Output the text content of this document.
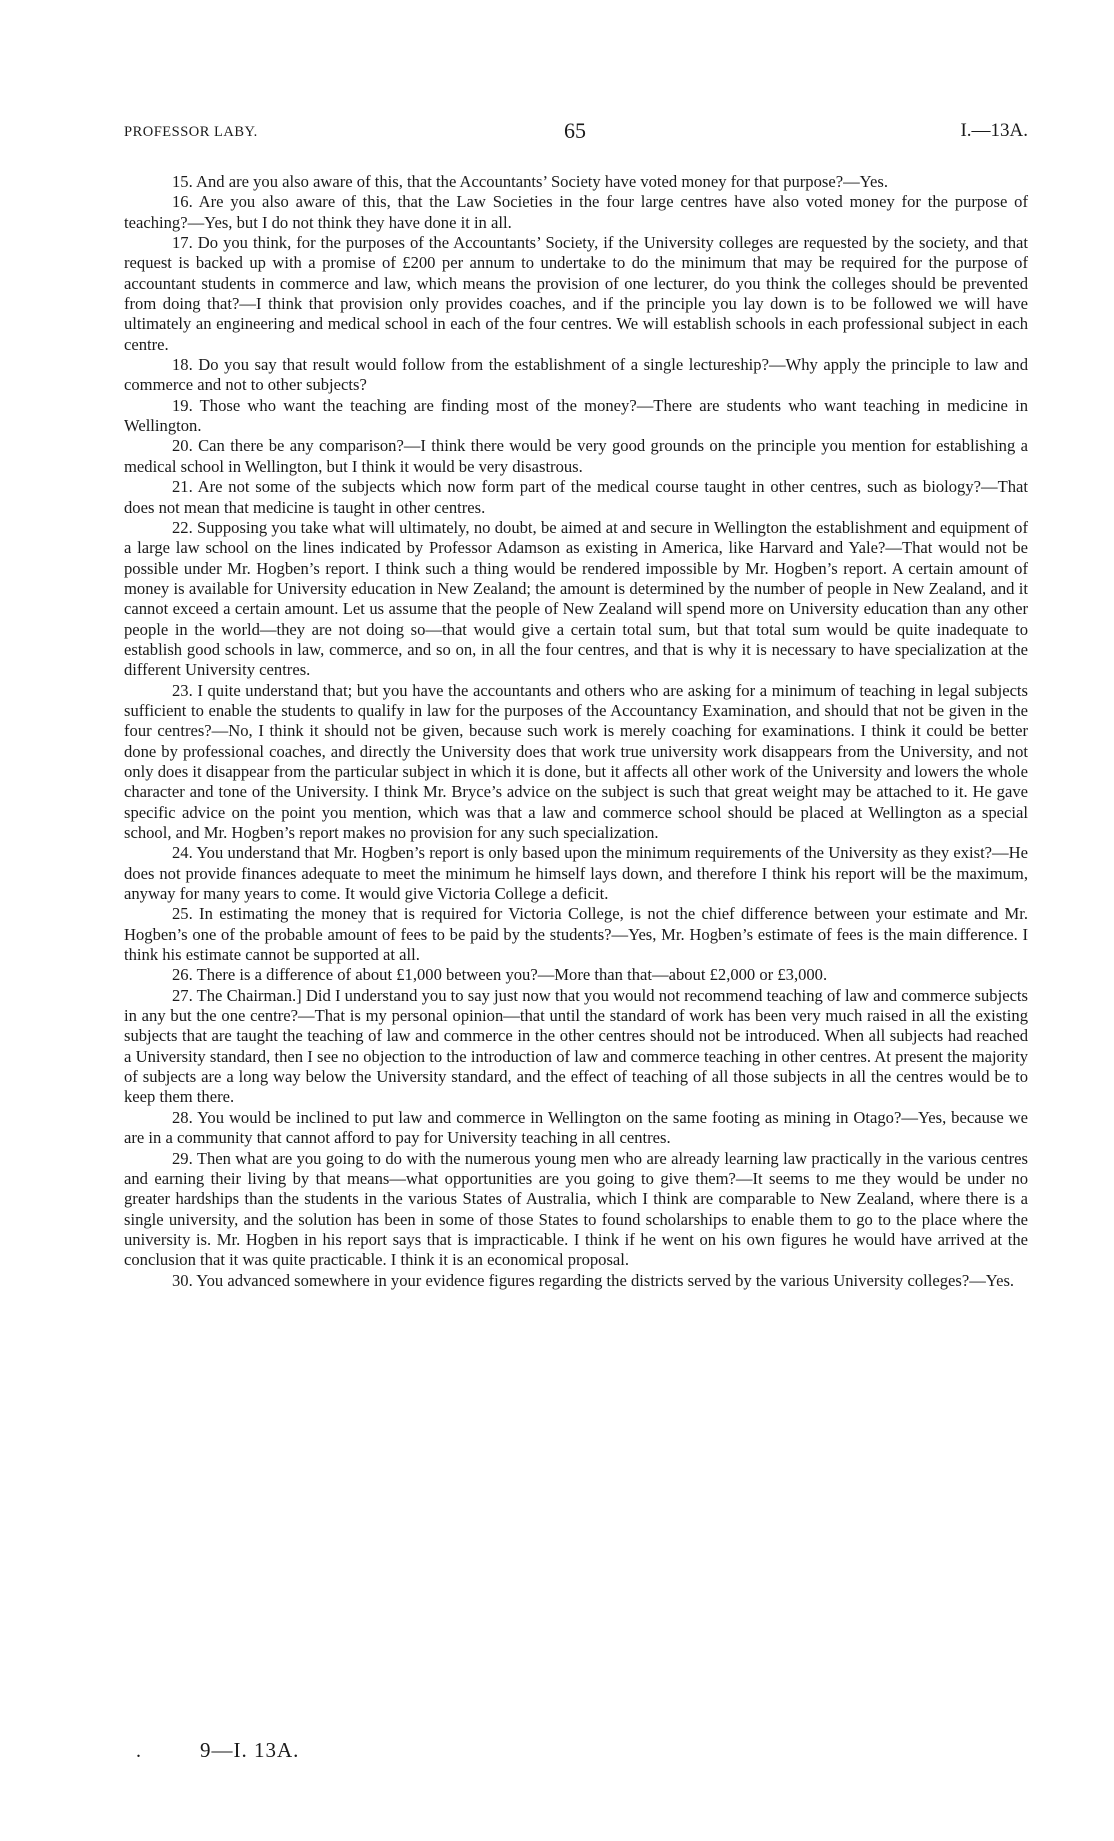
PROFESSOR LABY.	65	I.—13A.

15. And are you also aware of this, that the Accountants’ Society have voted money for that purpose?—Yes.

16. Are you also aware of this, that the Law Societies in the four large centres have also voted money for the purpose of teaching?—Yes, but I do not think they have done it in all.

17. Do you think, for the purposes of the Accountants’ Society, if the University colleges are requested by the society, and that request is backed up with a promise of £200 per annum to undertake to do the minimum that may be required for the purpose of accountant students in commerce and law, which means the provision of one lecturer, do you think the colleges should be prevented from doing that?—I think that provision only provides coaches, and if the principle you lay down is to be followed we will have ultimately an engineering and medical school in each of the four centres. We will establish schools in each professional subject in each centre.

18. Do you say that result would follow from the establishment of a single lectureship?—Why apply the principle to law and commerce and not to other subjects?

19. Those who want the teaching are finding most of the money?—There are students who want teaching in medicine in Wellington.

20. Can there be any comparison?—I think there would be very good grounds on the principle you mention for establishing a medical school in Wellington, but I think it would be very disastrous.

21. Are not some of the subjects which now form part of the medical course taught in other centres, such as biology?—That does not mean that medicine is taught in other centres.

22. Supposing you take what will ultimately, no doubt, be aimed at and secure in Wellington the establishment and equipment of a large law school on the lines indicated by Professor Adamson as existing in America, like Harvard and Yale?—That would not be possible under Mr. Hogben’s report. I think such a thing would be rendered impossible by Mr. Hogben’s report. A certain amount of money is available for University education in New Zealand; the amount is determined by the number of people in New Zealand, and it cannot exceed a certain amount. Let us assume that the people of New Zealand will spend more on University education than any other people in the world—they are not doing so—that would give a certain total sum, but that total sum would be quite inadequate to establish good schools in law, commerce, and so on, in all the four centres, and that is why it is necessary to have specialization at the different University centres.

23. I quite understand that; but you have the accountants and others who are asking for a minimum of teaching in legal subjects sufficient to enable the students to qualify in law for the purposes of the Accountancy Examination, and should that not be given in the four centres?—No, I think it should not be given, because such work is merely coaching for examinations. I think it could be better done by professional coaches, and directly the University does that work true university work disappears from the University, and not only does it disappear from the particular subject in which it is done, but it affects all other work of the University and lowers the whole character and tone of the University. I think Mr. Bryce’s advice on the subject is such that great weight may be attached to it. He gave specific advice on the point you mention, which was that a law and commerce school should be placed at Wellington as a special school, and Mr. Hogben’s report makes no provision for any such specialization.

24. You understand that Mr. Hogben’s report is only based upon the minimum requirements of the University as they exist?—He does not provide finances adequate to meet the minimum he himself lays down, and therefore I think his report will be the maximum, anyway for many years to come. It would give Victoria College a deficit.

25. In estimating the money that is required for Victoria College, is not the chief difference between your estimate and Mr. Hogben’s one of the probable amount of fees to be paid by the students?—Yes, Mr. Hogben’s estimate of fees is the main difference. I think his estimate cannot be supported at all.

26. There is a difference of about £1,000 between you?—More than that—about £2,000 or £3,000.

27. The Chairman.] Did I understand you to say just now that you would not recommend teaching of law and commerce subjects in any but the one centre?—That is my personal opinion—that until the standard of work has been very much raised in all the existing subjects that are taught the teaching of law and commerce in the other centres should not be introduced. When all subjects had reached a University standard, then I see no objection to the introduction of law and commerce teaching in other centres. At present the majority of subjects are a long way below the University standard, and the effect of teaching of all those subjects in all the centres would be to keep them there.

28. You would be inclined to put law and commerce in Wellington on the same footing as mining in Otago?—Yes, because we are in a community that cannot afford to pay for University teaching in all centres.

29. Then what are you going to do with the numerous young men who are already learning law practically in the various centres and earning their living by that means—what opportunities are you going to give them?—It seems to me they would be under no greater hardships than the students in the various States of Australia, which I think are comparable to New Zealand, where there is a single university, and the solution has been in some of those States to found scholarships to enable them to go to the place where the university is. Mr. Hogben in his report says that is impracticable. I think if he went on his own figures he would have arrived at the conclusion that it was quite practicable. I think it is an economical proposal.

30. You advanced somewhere in your evidence figures regarding the districts served by the various University colleges?—Yes.

.	9—I. 13A.
